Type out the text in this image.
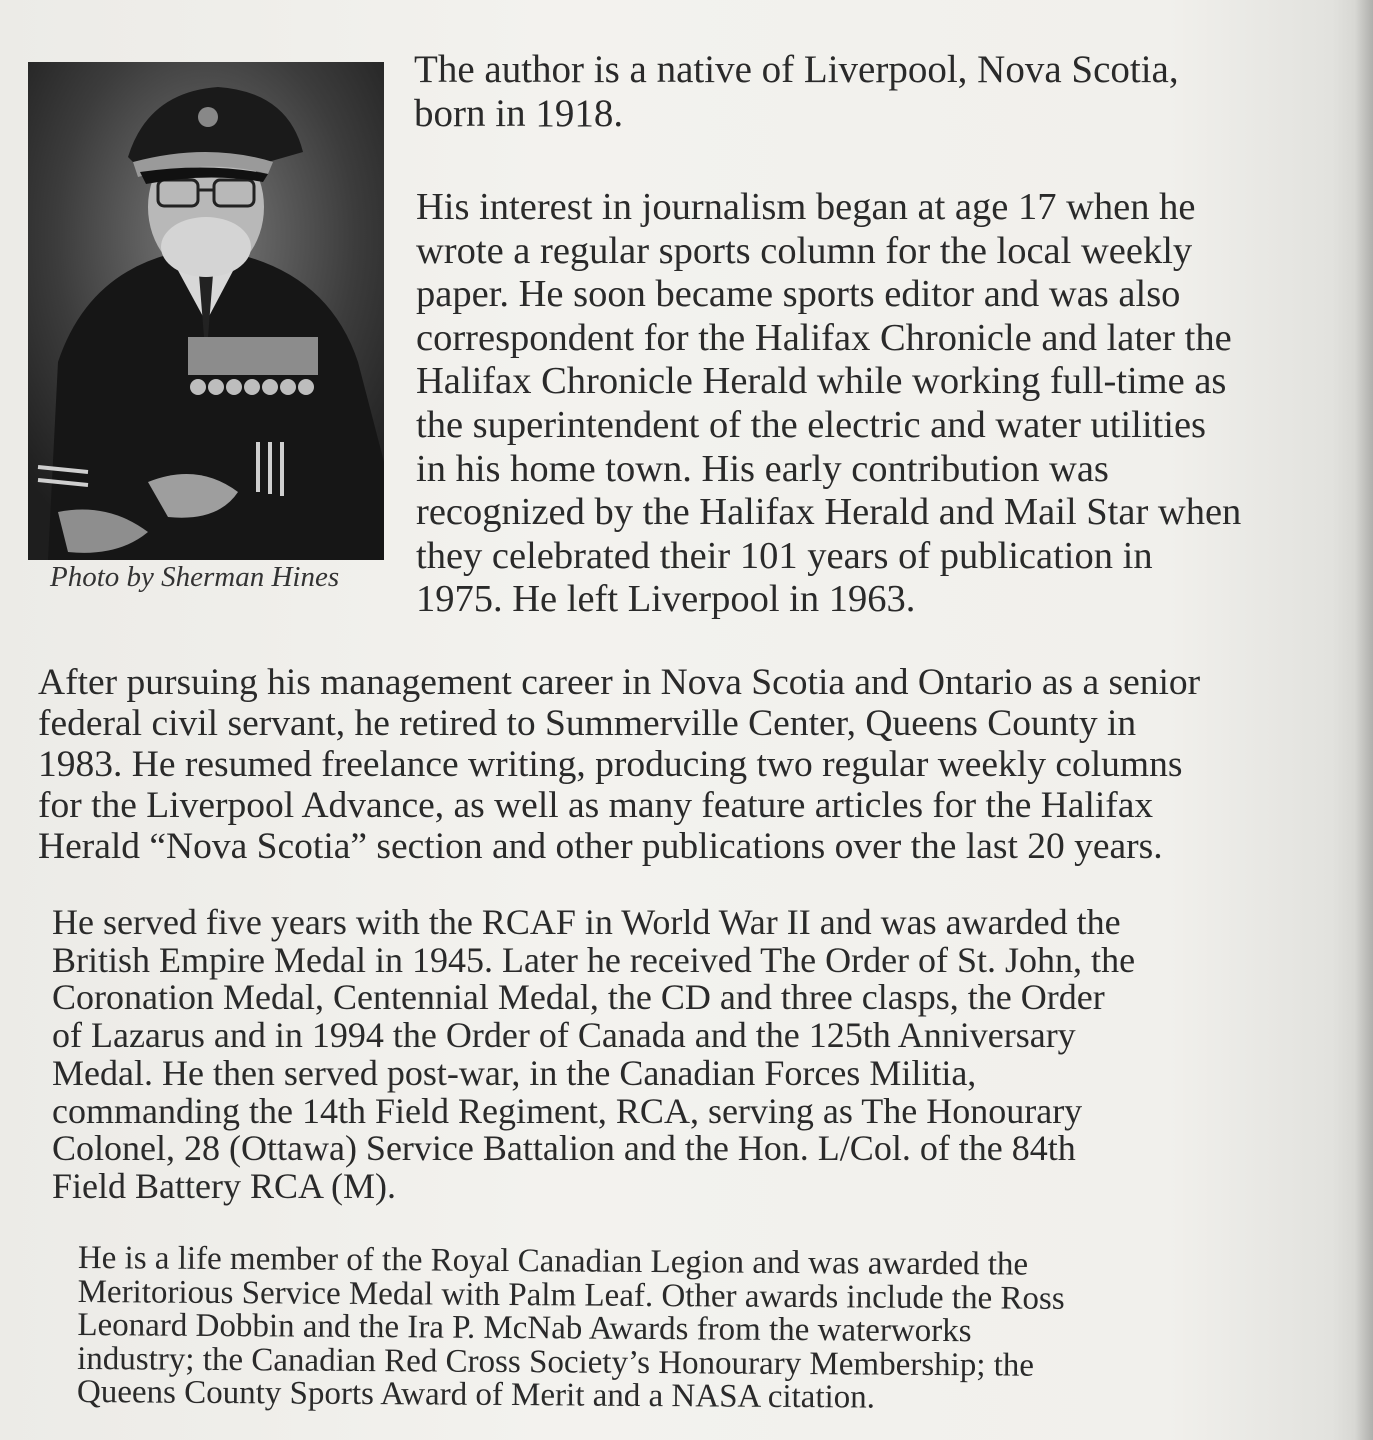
Photo by Sherman Hines
The author is a native of Liverpool, Nova Scotia,
born in 1918.
His interest in journalism began at age 17 when he
wrote a regular sports column for the local weekly
paper. He soon became sports editor and was also
correspondent for the Halifax Chronicle and later the
Halifax Chronicle Herald while working full-time as
the superintendent of the electric and water utilities
in his home town. His early contribution was
recognized by the Halifax Herald and Mail Star when
they celebrated their 101 years of publication in
1975. He left Liverpool in 1963.
After pursuing his management career in Nova Scotia and Ontario as a senior
federal civil servant, he retired to Summerville Center, Queens County in
1983. He resumed freelance writing, producing two regular weekly columns
for the Liverpool Advance, as well as many feature articles for the Halifax
Herald “Nova Scotia” section and other publications over the last 20 years.
He served five years with the RCAF in World War II and was awarded the
British Empire Medal in 1945. Later he received The Order of St. John, the
Coronation Medal, Centennial Medal, the CD and three clasps, the Order
of Lazarus and in 1994 the Order of Canada and the 125th Anniversary
Medal. He then served post-war, in the Canadian Forces Militia,
commanding the 14th Field Regiment, RCA, serving as The Honourary
Colonel, 28 (Ottawa) Service Battalion and the Hon. L/Col. of the 84th
Field Battery RCA (M).
He is a life member of the Royal Canadian Legion and was awarded the
Meritorious Service Medal with Palm Leaf. Other awards include the Ross
Leonard Dobbin and the Ira P. McNab Awards from the waterworks
industry; the Canadian Red Cross Society’s Honourary Membership; the
Queens County Sports Award of Merit and a NASA citation.
